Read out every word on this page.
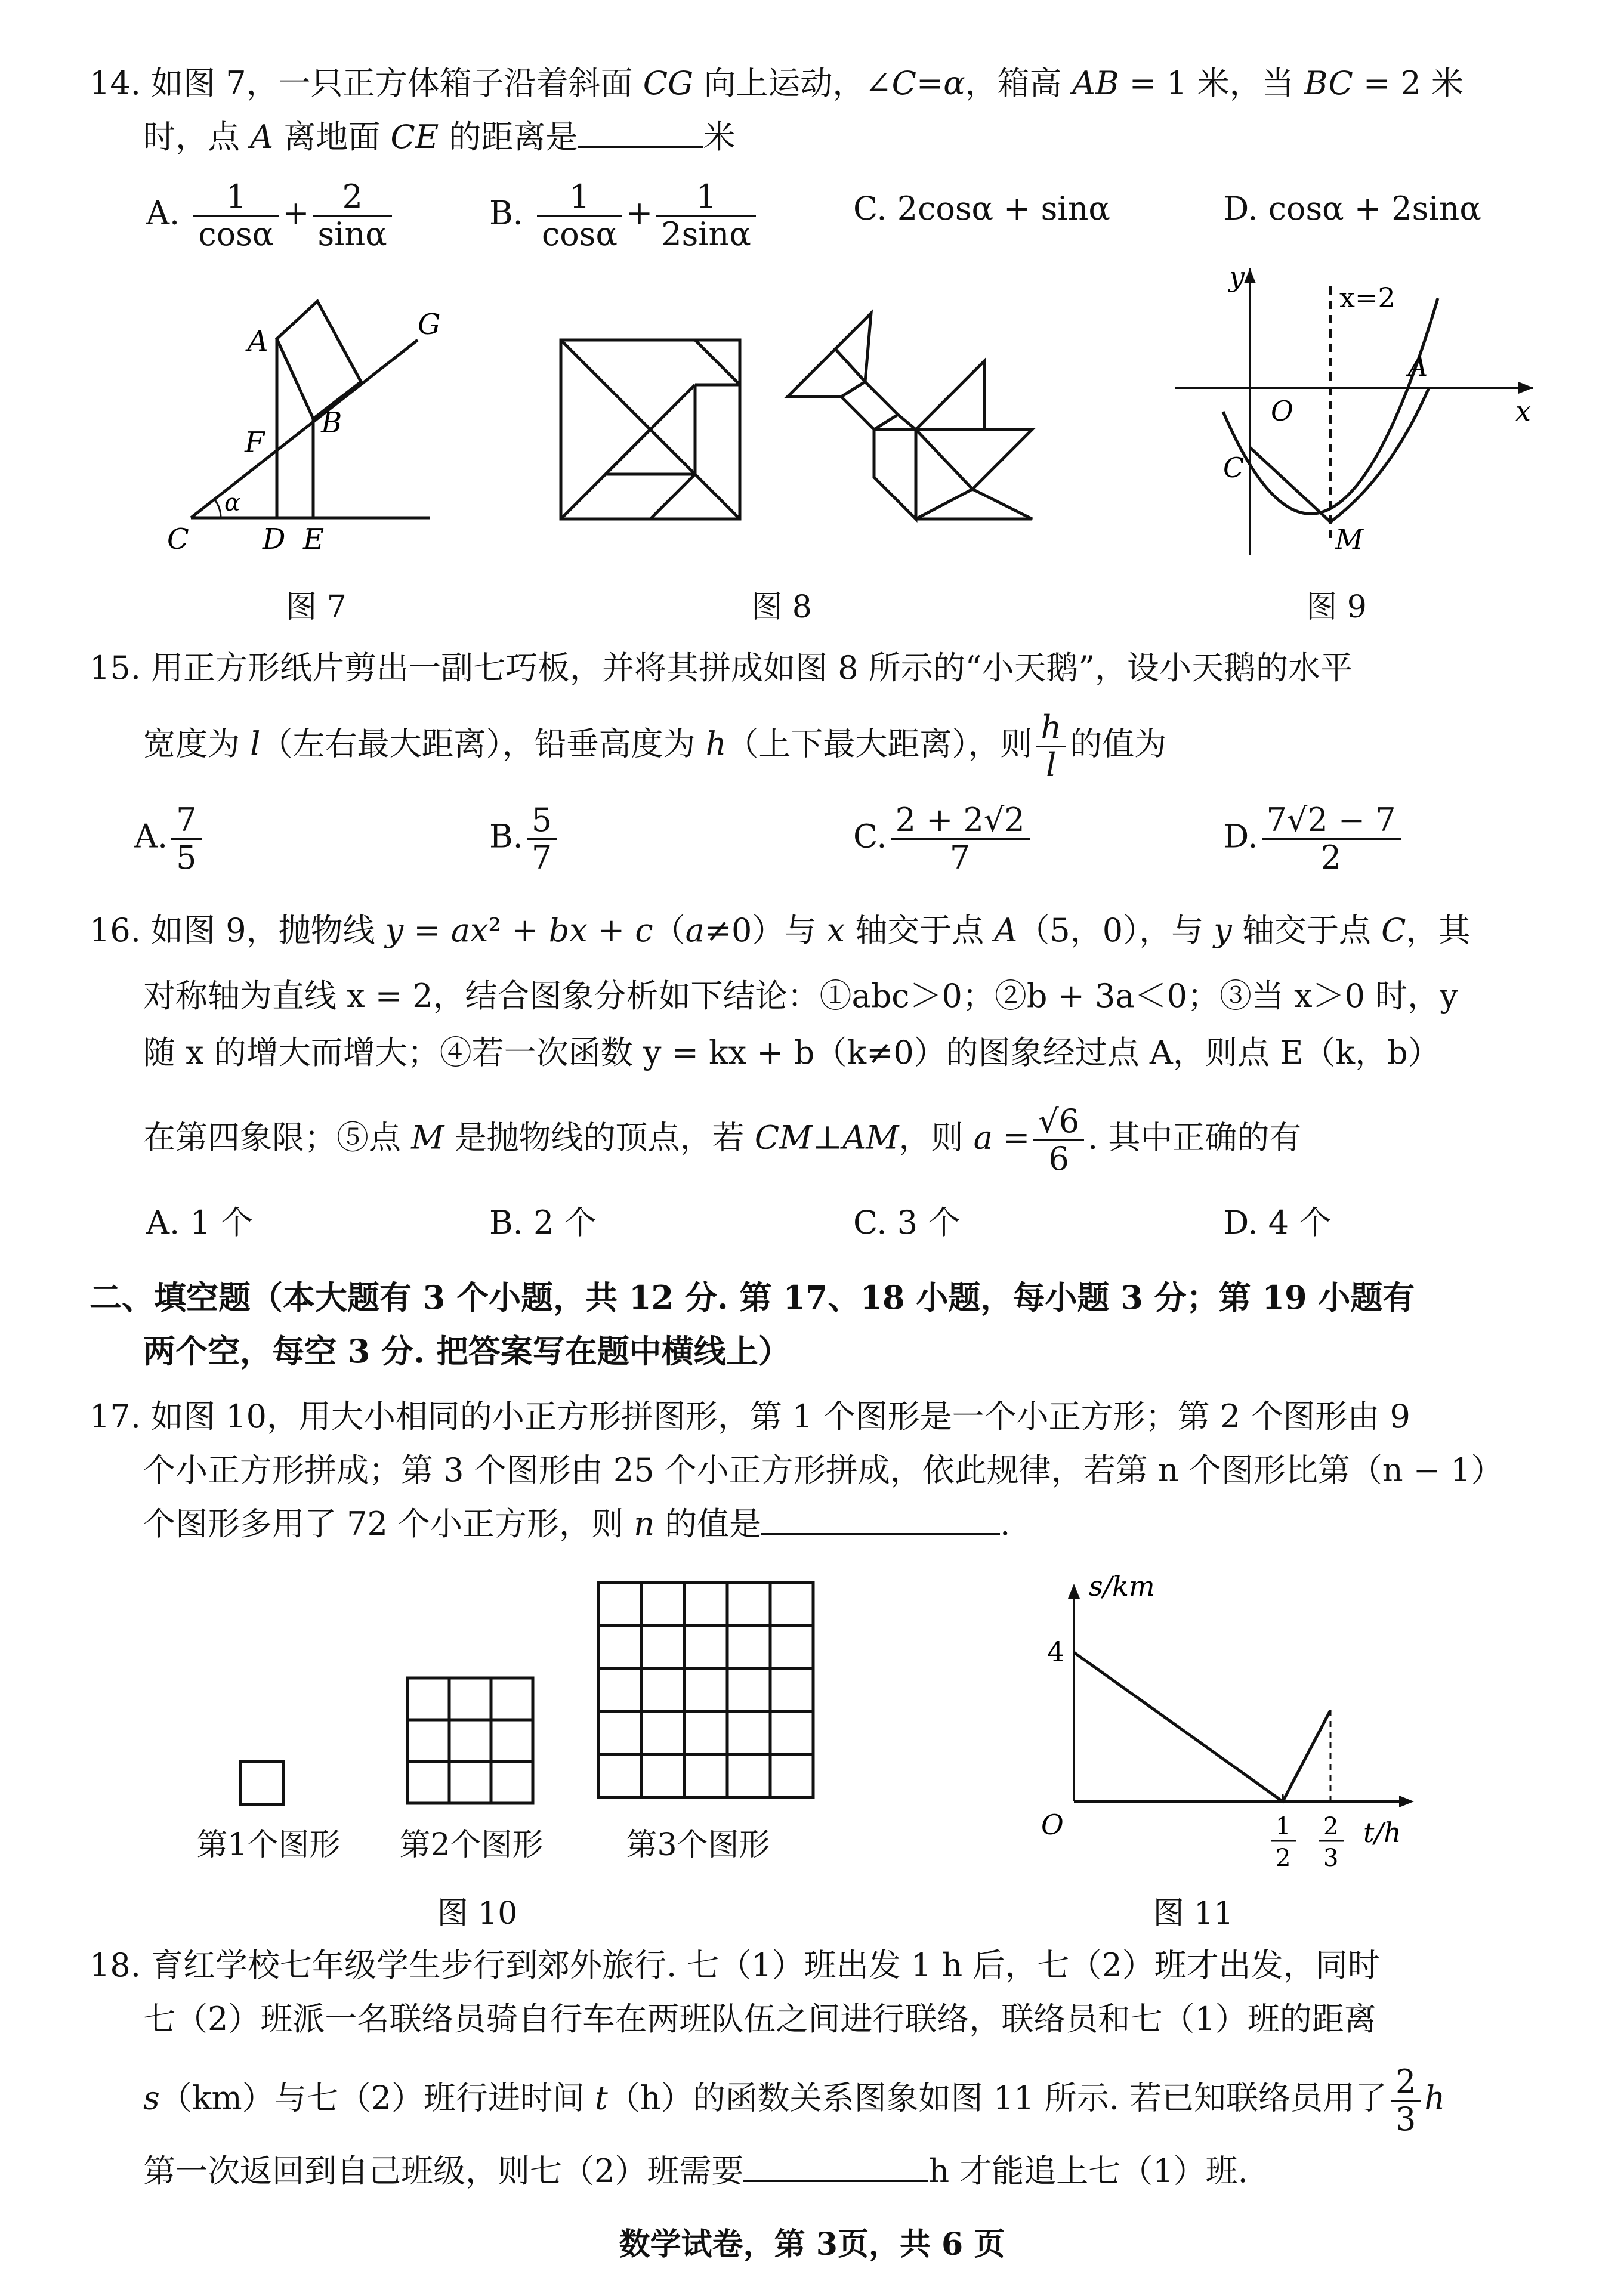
14. 如图 7，一只正方体箱子沿着斜面 CG 向上运动，∠C=α，箱高 AB = 1 米，当 BC = 2 米
时，点 A 离地面 CE 的距离是	米
A. $\frac{1}{\cos\alpha} + \frac{2}{\sin\alpha}$	B. $\frac{1}{\cos\alpha} + \frac{1}{2\sin\alpha}$	C. 2cosα + sinα	D. cosα + 2sinα
A	G
F
B
α
C	D E
图 7	图 8
y
x=2
A
x
O
C
M
图 9
15. 用正方形纸片剪出一副七巧板，并将其拼成如图 8 所示的“小天鹅”，设小天鹅的水平
宽度为 l（左右最大距离），铅垂高度为 h（上下最大距离），则 $\frac{h}{l}$ 的值为
A. $\frac{7}{5}$	B. $\frac{5}{7}$	C. $\frac{2 + 2√2}{7}$	D. $\frac{7√2 - 7}{2}$
16. 如图 9，抛物线 y = ax² + bx + c（a≠0）与 x 轴交于点 A（5，0），与 y 轴交于点 C，其
对称轴为直线 x = 2，结合图象分析如下结论：①abc＞0；②b + 3a＜0；③当 x＞0 时，y
随 x 的增大而增大；④若一次函数 y = kx + b（k≠0）的图象经过点 A，则点 E（k，b）
在第四象限；⑤点 M 是抛物线的顶点，若 CM⊥AM，则 $a = \frac{√6}{6}$ . 其中正确的有
A. 1 个	B. 2 个	C. 3 个	D. 4 个
二、填空题（本大题有 3 个小题，共 12 分. 第 17、18 小题，每小题 3 分；第 19 小题有
两个空，每空 3 分. 把答案写在题中横线上）
17. 如图 10，用大小相同的小正方形拼图形，第 1 个图形是一个小正方形；第 2 个图形由 9
个小正方形拼成；第 3 个图形由 25 个小正方形拼成，依此规律，若第 n 个图形比第（n − 1）
个图形多用了 72 个小正方形，则 n 的值是	.
第1个图形	第2个图形	第3个图形
图 10
s/km
4
O	1
2
2
3
t/h
图 11
18. 育红学校七年级学生步行到郊外旅行. 七（1）班出发 1 h 后，七（2）班才出发，同时
七（2）班派一名联络员骑自行车在两班队伍之间进行联络，联络员和七（1）班的距离
s（km）与七（2）班行进时间 t（h）的函数关系图象如图 11 所示. 若已知联络员用了 $\frac{2}{3}$ h
第一次返回到自己班级，则七（2）班需要	h 才能追上七（1）班.
数学试卷，第 3页，共 6 页
